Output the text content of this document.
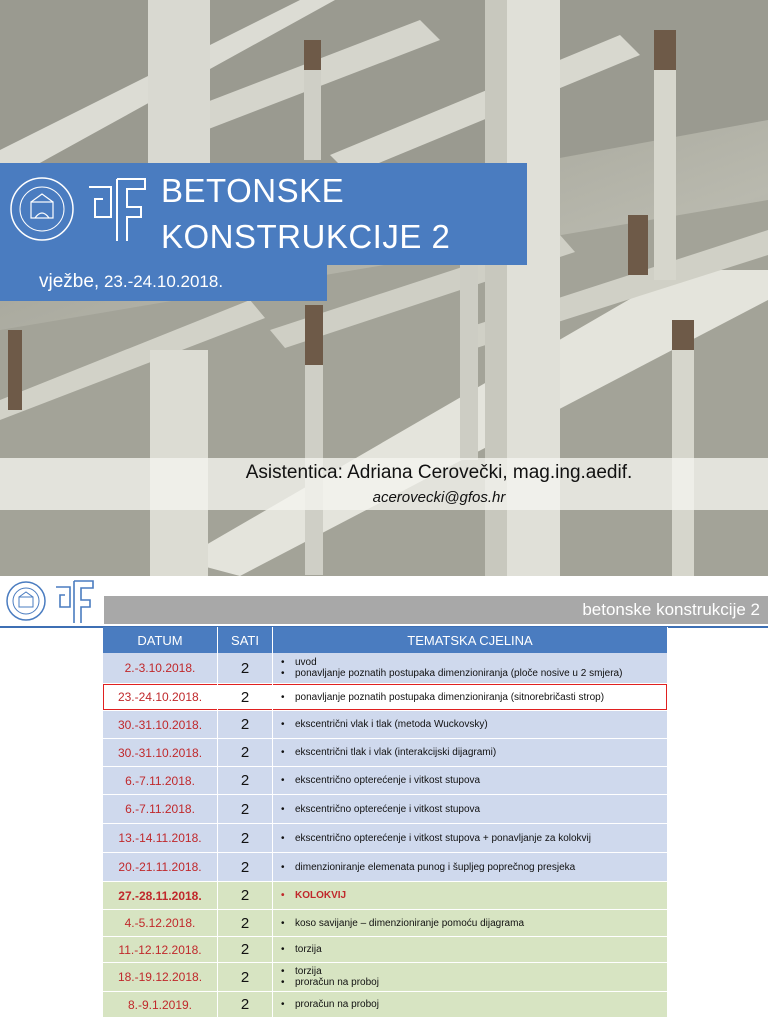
BETONSKE
KONSTRUKCIJE 2
vježbe, 23.-24.10.2018.
Asistentica: Adriana Cerovečki, mag.ing.aedif.
acerovecki@gfos.hr
betonske konstrukcije 2
DATUM	SATI	TEMATSKA CJELINA
2.-3.10.2018.	2	• uvod
• ponavljanje poznatih postupaka dimenzioniranja (ploče nosive u 2 smjera)

23.-24.10.2018.	2	• ponavljanje poznatih postupaka dimenzioniranja (sitnorebričasti strop)

30.-31.10.2018.	2	• ekscentrični vlak i tlak (metoda Wuckovsky)

30.-31.10.2018.	2	• ekscentrični tlak i vlak (interakcijski dijagrami)

6.-7.11.2018.	2	• ekscentrično opterećenje i vitkost stupova

6.-7.11.2018.	2	• ekscentrično opterećenje i vitkost stupova

13.-14.11.2018.	2	• ekscentrično opterećenje i vitkost stupova + ponavljanje za kolokvij

20.-21.11.2018.	2	• dimenzioniranje elemenata punog i šupljeg poprečnog presjeka

27.-28.11.2018.	2	• KOLOKVIJ

4.-5.12.2018.	2	• koso savijanje – dimenzioniranje pomoću dijagrama

11.-12.12.2018.	2	• torzija

18.-19.12.2018.	2	• torzija
• proračun na proboj

8.-9.1.2019.	2	• proračun na proboj
